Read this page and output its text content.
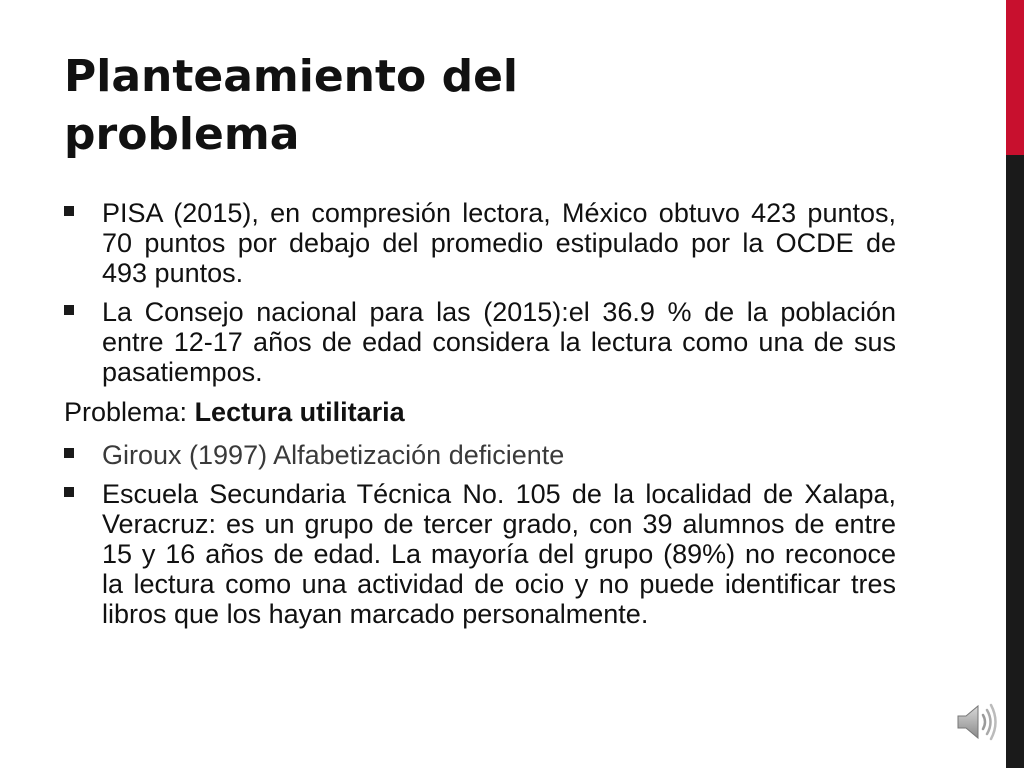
Planteamiento del
problema
PISA (2015), en compresión lectora, México obtuvo 423 puntos, 70 puntos por debajo del promedio estipulado por la OCDE de 493 puntos.
La Consejo nacional para las (2015):el 36.9 % de la población entre 12-17 años de edad considera la lectura como una de sus pasatiempos.
Problema: Lectura utilitaria
Giroux (1997) Alfabetización deficiente
Escuela Secundaria Técnica No. 105 de la localidad de Xalapa, Veracruz: es un grupo de tercer grado, con 39 alumnos de entre 15 y 16 años de edad. La mayoría del grupo (89%) no reconoce la lectura como una actividad de ocio y no puede identificar tres libros que los hayan marcado personalmente.
